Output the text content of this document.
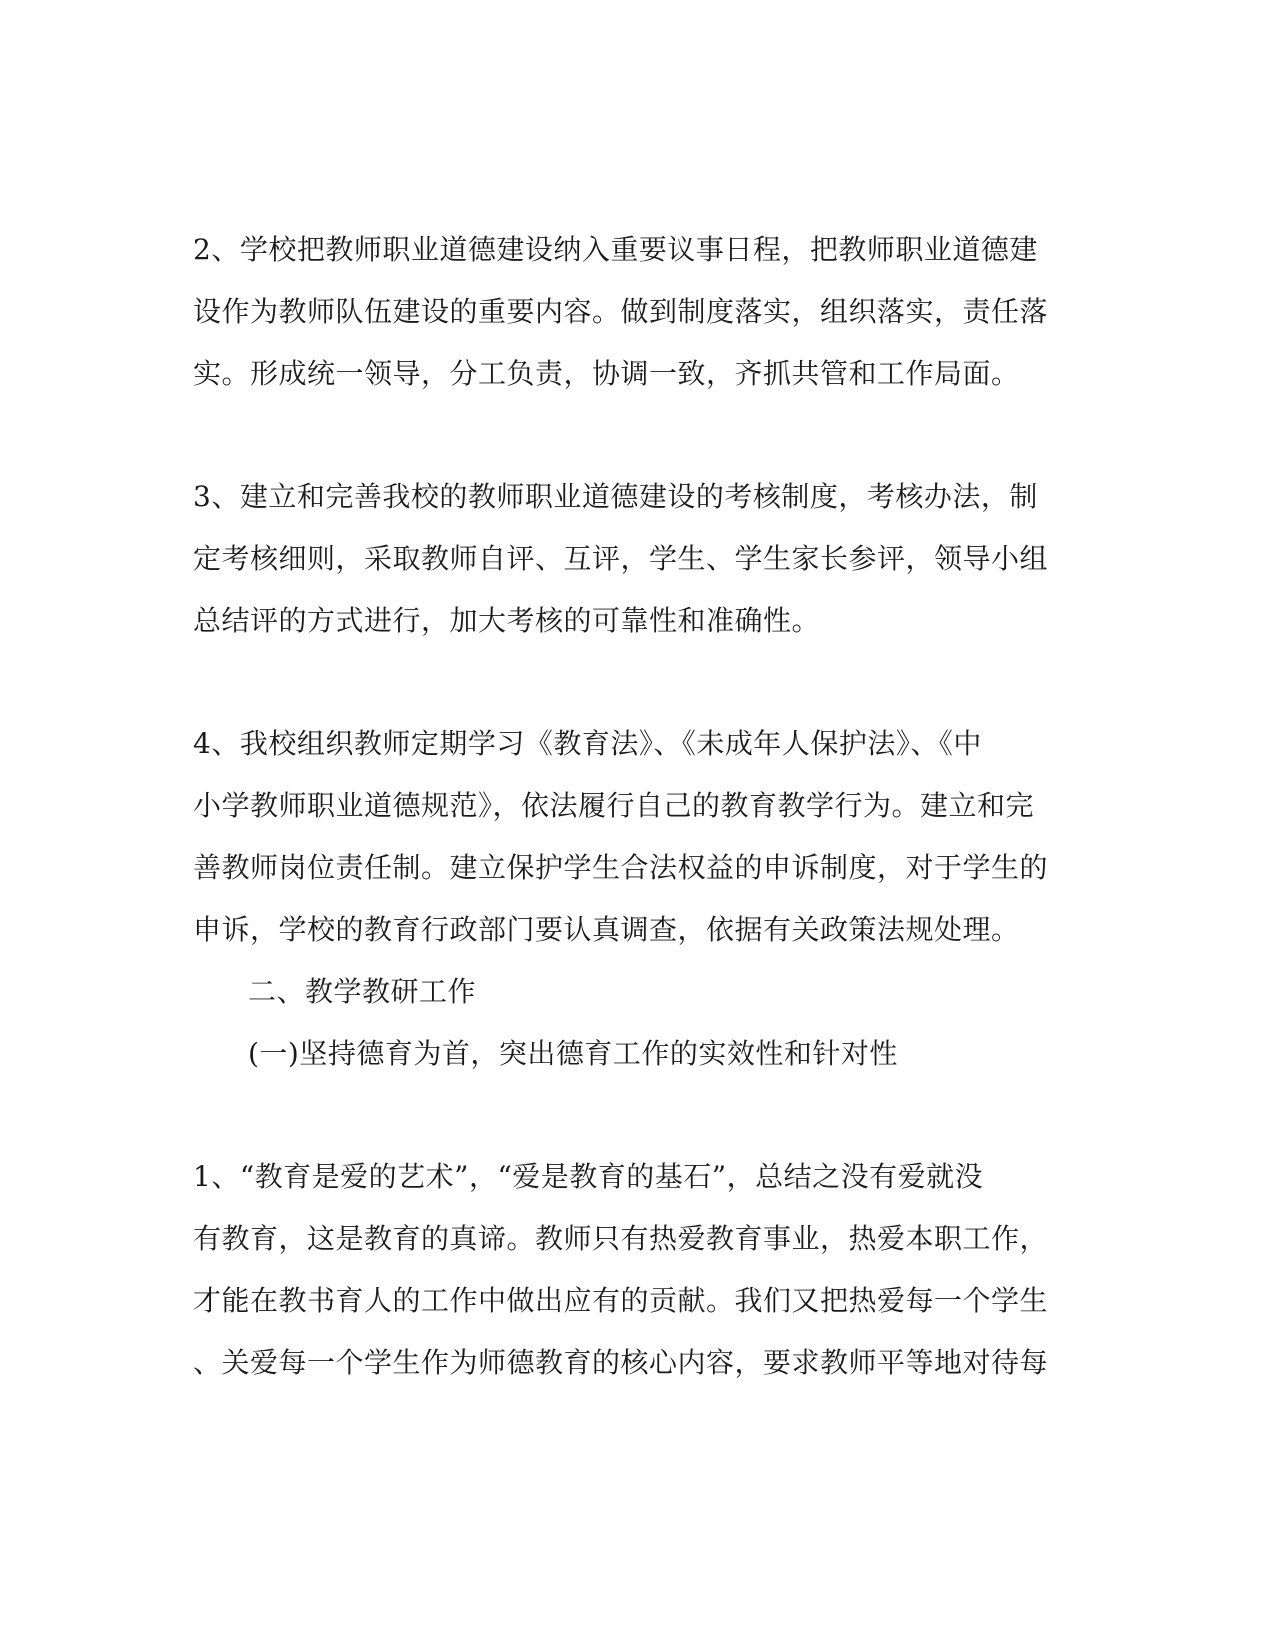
2、学校把教师职业道德建设纳入重要议事日程，把教师职业道德建
设作为教师队伍建设的重要内容。做到制度落实，组织落实，责任落
实。形成统一领导，分工负责，协调一致，齐抓共管和工作局面。
3、建立和完善我校的教师职业道德建设的考核制度，考核办法，制
定考核细则，采取教师自评、互评，学生、学生家长参评，领导小组
总结评的方式进行，加大考核的可靠性和准确性。
4、我校组织教师定期学习《教育法》、《未成年人保护法》、《中
小学教师职业道德规范》，依法履行自己的教育教学行为。建立和完
善教师岗位责任制。建立保护学生合法权益的申诉制度，对于学生的
申诉，学校的教育行政部门要认真调查，依据有关政策法规处理。
二、教学教研工作
(一)坚持德育为首，突出德育工作的实效性和针对性
1、“教育是爱的艺术”，“爱是教育的基石”，总结之没有爱就没
有教育，这是教育的真谛。教师只有热爱教育事业，热爱本职工作，
才能在教书育人的工作中做出应有的贡献。我们又把热爱每一个学生
、关爱每一个学生作为师德教育的核心内容，要求教师平等地对待每
